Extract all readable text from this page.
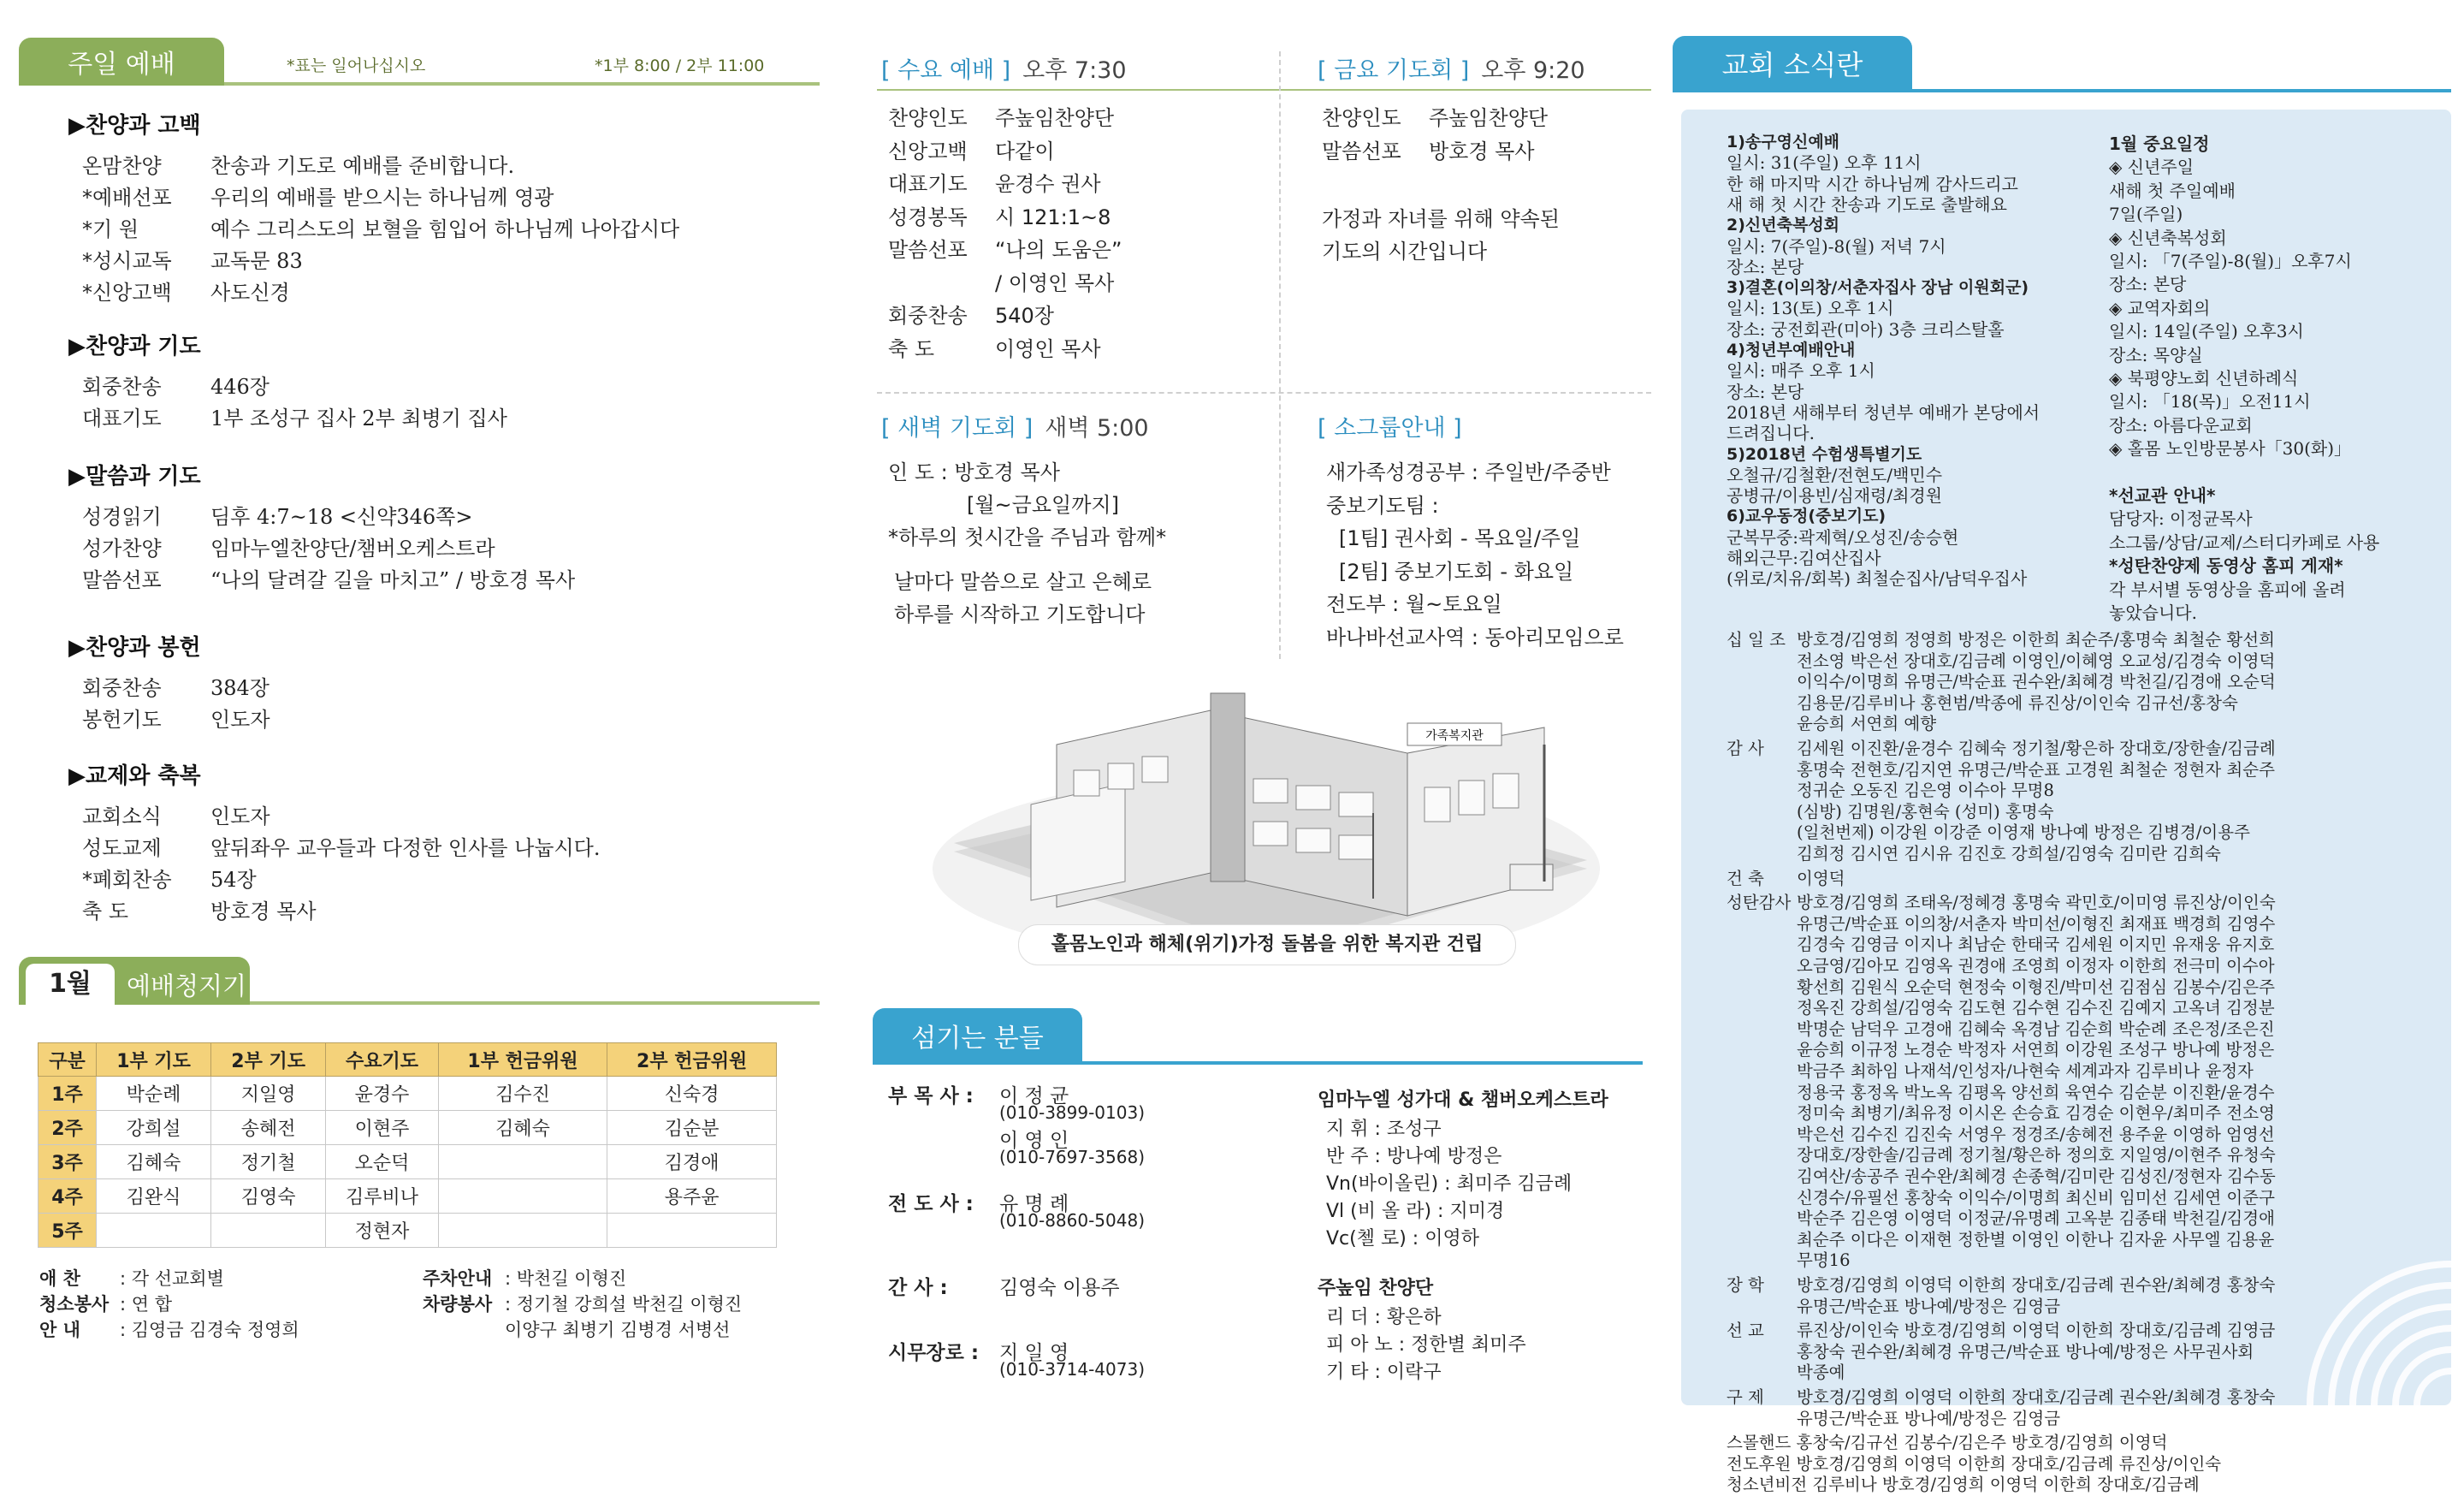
주일 예배	*표는 일어나십시오	*1부 8:00 / 2부 11:00
▶찬양과 고백
온맘찬양 찬송과 기도로 예배를 준비합니다.
*예배선포 우리의 예배를 받으시는 하나님께 영광
*기 원	예수 그리스도의 보혈을 힘입어 하나님께 나아갑시다
*성시교독 교독문 83
*신앙고백 사도신경
▶찬양과 기도
회중찬송 446장
대표기도 1부 조성구 집사 2부 최병기 집사
▶말씀과 기도
성경읽기 딤후 4:7~18 <신약346쪽>
성가찬양 임마누엘찬양단/챔버오케스트라
말씀선포 “나의 달려갈 길을 마치고” / 방호경 목사
▶찬양과 봉헌
회중찬송 384장
봉헌기도 인도자
▶교제와 축복
교회소식 인도자
성도교제 앞뒤좌우 교우들과 다정한 인사를 나눕시다.
*폐회찬송 54장
축 도	방호경 목사
1월	예배청지기
구분	1부 기도	2부 기도	수요기도	1부 헌금위원	2부 헌금위원
1주	박순례	지일영	윤경수	김수진	신숙경
2주	강희설	송혜전	이현주	김혜숙	김순분
3주	김혜숙	정기철	오순덕		김경애
4주	김완식	김영숙	김루비나		용주윤
5주			정현자		
애 찬 : 각 선교회별
청소봉사 : 연 합
안 내 : 김영금 김경숙 정영희
주차안내 : 박천길 이형진
차량봉사 : 정기철 강희설 박천길 이형진
이양구 최병기 김병경 서병선
[ 수요 예배 ] 오후 7:30
찬양인도 주높임찬양단
신앙고백 다같이
대표기도 윤경수 권사
성경봉독 시 121:1~8
말씀선포 “나의 도움은”
/ 이영인 목사
회중찬송 540장
축 도	이영인 목사
[ 금요 기도회 ] 오후 9:20
찬양인도 주높임찬양단
말씀선포 방호경 목사
가정과 자녀를 위해 약속된
기도의 시간입니다
[ 새벽 기도회 ] 새벽 5:00
인 도 : 방호경 목사
[월~금요일까지]
*하루의 첫시간을 주님과 함께*
날마다 말씀으로 살고 은혜로
하루를 시작하고 기도합니다
[ 소그룹안내 ]
새가족성경공부 : 주일반/주중반
중보기도팀 :
[1팀] 권사회 - 목요일/주일
[2팀] 중보기도회 - 화요일
전도부 : 월~토요일
바나바선교사역 : 동아리모임으로
가족복지관
홀몸노인과 해체(위기)가정 돌봄을 위한 복지관 건립
섬기는 분들
부 목 사 : 이 정 균
(010-3899-0103)
이 영 인
(010-7697-3568)
전 도 사 : 유 명 례
(010-8860-5048)
간 사 :	김영숙 이용주
시무장로 : 지 일 영
(010-3714-4073)
임마누엘 성가대 & 챔버오케스트라
지 휘 : 조성구
반 주 : 방나예 방정은
Vn(바이올린) : 최미주 김금례
Vl (비 올 라) : 지미경
Vc(첼 로) : 이영하
주높임 찬양단
리 더 : 황은하
피 아 노 : 정한별 최미주
기 타 : 이락구
교회 소식란
1)송구영신예배
일시: 31(주일) 오후 11시
한 해 마지막 시간 하나님께 감사드리고
새 해 첫 시간 찬송과 기도로 출발해요
2)신년축복성회
일시: 7(주일)-8(월) 저녁 7시
장소: 본당
3)결혼(이의창/서춘자집사 장남 이원회군)
일시: 13(토) 오후 1시
장소: 궁전회관(미아) 3층 크리스탈홀
4)청년부예배안내
일시: 매주 오후 1시
장소: 본당
2018년 새해부터 청년부 예배가 본당에서
드려집니다.
5)2018년 수험생특별기도
오철규/김철환/전현도/백민수
공병규/이용빈/심재령/최경원
6)교우동정(중보기도)
군복무중:곽제혁/오성진/송승현
해외근무:김여산집사
(위로/치유/회복) 최철순집사/남덕우집사
1월 중요일정
◈ 신년주일
새해 첫 주일예배
7일(주일)
◈ 신년축복성회
일시: 「7(주일)-8(월)」오후7시
장소: 본당
◈ 교역자회의
일시: 14일(주일) 오후3시
장소: 목양실
◈ 북평양노회 신년하례식
일시: 「18(목)」오전11시
장소: 아름다운교회
◈ 홀몸 노인방문봉사「30(화)」
*선교관 안내*
담당자: 이정균목사
소그룹/상담/교제/스터디카페로 사용
*성탄찬양제 동영상 홈피 게재*
각 부서별 동영상을 홈피에 올려
놓았습니다.
십 일 조 방호경/김영희 정영희 방정은 이한희 최순주/홍명숙 최철순 황선희
전소영 박은선 장대호/김금례 이영인/이혜영 오교성/김경숙 이영덕
이익수/이명희 유명근/박순표 권수완/최혜경 박천길/김경애 오순덕
김용문/김루비나 홍현범/박종에 류진상/이인숙 김규선/홍창숙
윤승희 서연희 예향
감 사	김세원 이진환/윤경수 김혜숙 정기철/황은하 장대호/장한솔/김금례
홍명숙 전현호/김지연 유명근/박순표 고경원 최철순 정현자 최순주
정귀순 오동진 김은영 이수아 무명8
(심방) 김명원/홍현숙 (성미) 홍명숙
(일천번제) 이강원 이강준 이영재 방나예 방정은 김병경/이용주
김희정 김시연 김시유 김진호 강희설/김영숙 김미란 김희숙
건 축	이영덕
성탄감사 방호경/김영희 조태옥/정혜경 홍명숙 곽민호/이미영 류진상/이인숙
유명근/박순표 이의창/서춘자 박미선/이형진 최재표 백경희 김영수
김경숙 김영금 이지나 최남순 한태국 김세원 이지민 유재웅 유지호
오금영/김아모 김영옥 권경애 조영희 이정자 이한희 전극미 이수아
황선희 김원식 오순덕 현정숙 이형진/박미선 김점심 김봉수/김은주
정옥진 강희설/김영숙 김도현 김수현 김수진 김예지 고옥녀 김정분
박명순 남덕우 고경애 김혜숙 옥경남 김순희 박순례 조은정/조은진
윤승희 이규정 노경순 박정자 서연희 이강원 조성구 방나예 방정은
박금주 최하임 나재석/인성자/나현숙 세계과자 김루비나 윤정자
정용국 홍정옥 박노옥 김평옥 양선희 육연수 김순분 이진환/윤경수
정미숙 최병기/최유정 이시온 손승효 김경순 이현우/최미주 전소영
박은선 김수진 김진숙 서영우 정경조/송혜전 용주윤 이영하 엄영선
장대호/장한솔/김금례 정기철/황은하 정의호 지일영/이현주 유청숙
김여산/송공주 권수완/최혜경 손종혁/김미란 김성진/정현자 김수동
신경수/유필선 홍창숙 이익수/이명희 최신비 임미선 김세연 이준구
박순주 김은영 이영덕 이정균/유명례 고옥분 김종태 박천길/김경애
최순주 이다은 이재현 정한별 이영인 이한나 김자윤 사무엘 김용윤
무명16
장 학	방호경/김영희 이영덕 이한희 장대호/김금례 권수완/최혜경 홍창숙
유명근/박순표 방나예/방정은 김영금
선 교	류진상/이인숙 방호경/김영희 이영덕 이한희 장대호/김금례 김영금
홍창숙 권수완/최혜경 유명근/박순표 방나예/방정은 사무권사회
박종예
구 제	방호경/김영희 이영덕 이한희 장대호/김금례 권수완/최혜경 홍창숙
유명근/박순표 방나예/방정은 김영금
스몰핸드 홍창숙/김규선 김봉수/김은주 방호경/김영희 이영덕
전도후원 방호경/김영희 이영덕 이한희 장대호/김금례 류진상/이인숙
청소년비전 김루비나 방호경/김영희 이영덕 이한희 장대호/김금례
